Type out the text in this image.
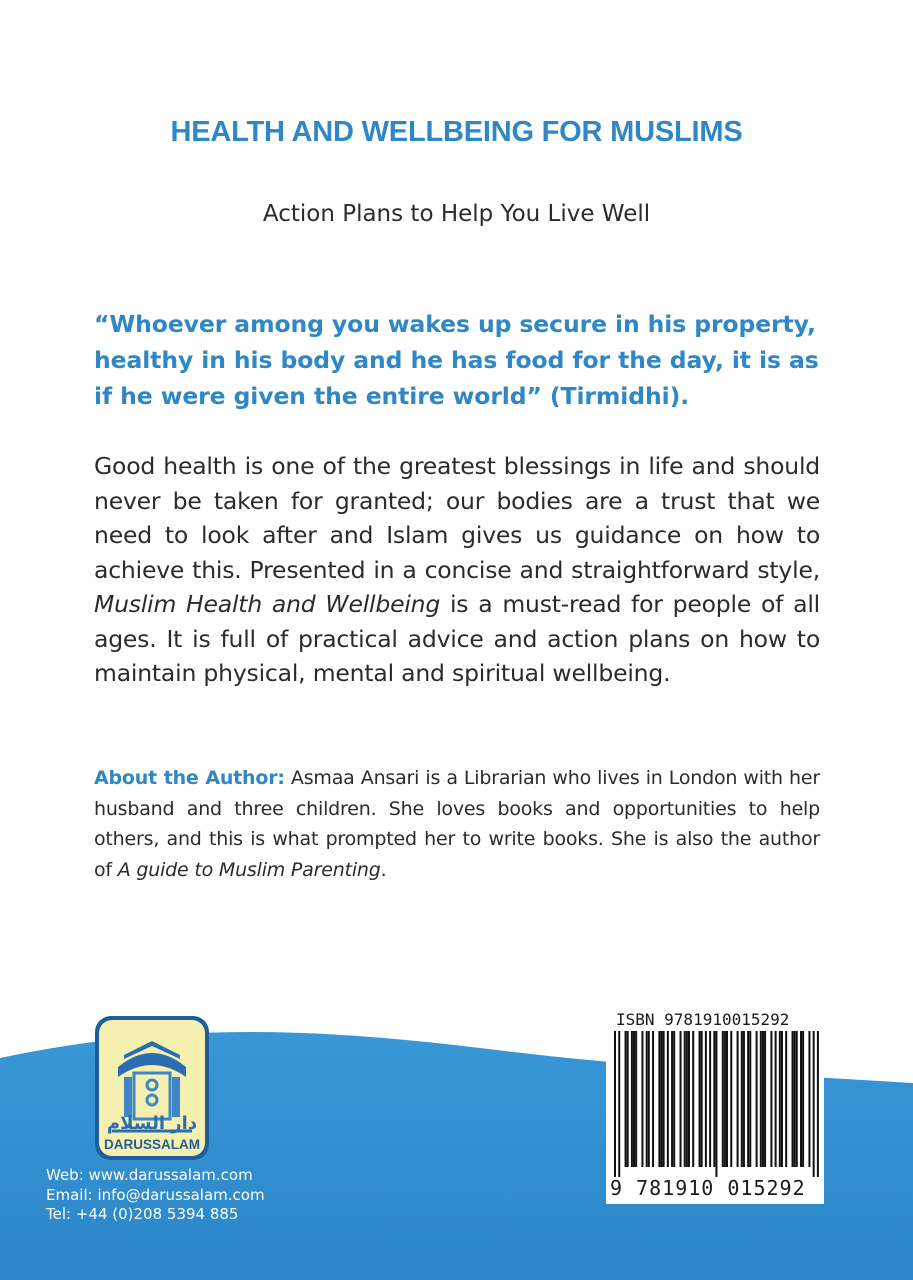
HEALTH AND WELLBEING FOR MUSLIMS

Action Plans to Help You Live Well

“Whoever among you wakes up secure in his property, healthy in his body and he has food for the day, it is as if he were given the entire world” (Tirmidhi).

Good health is one of the greatest blessings in life and should never be taken for granted; our bodies are a trust that we need to look after and Islam gives us guidance on how to achieve this. Presented in a concise and straightforward style, Muslim Health and Wellbeing is a must-read for people of all ages. It is full of practical advice and action plans on how to maintain physical, mental and spiritual wellbeing.

About the Author: Asmaa Ansari is a Librarian who lives in London with her husband and three children. She loves books and opportunities to help others, and this is what prompted her to write books. She is also the author of A guide to Muslim Parenting.

دار السلام
DARUSSALAM
Web: www.darussalam.com
Email: info@darussalam.com
Tel: +44 (0)208 5394 885

ISBN 9781910015292

9 781910 015292
